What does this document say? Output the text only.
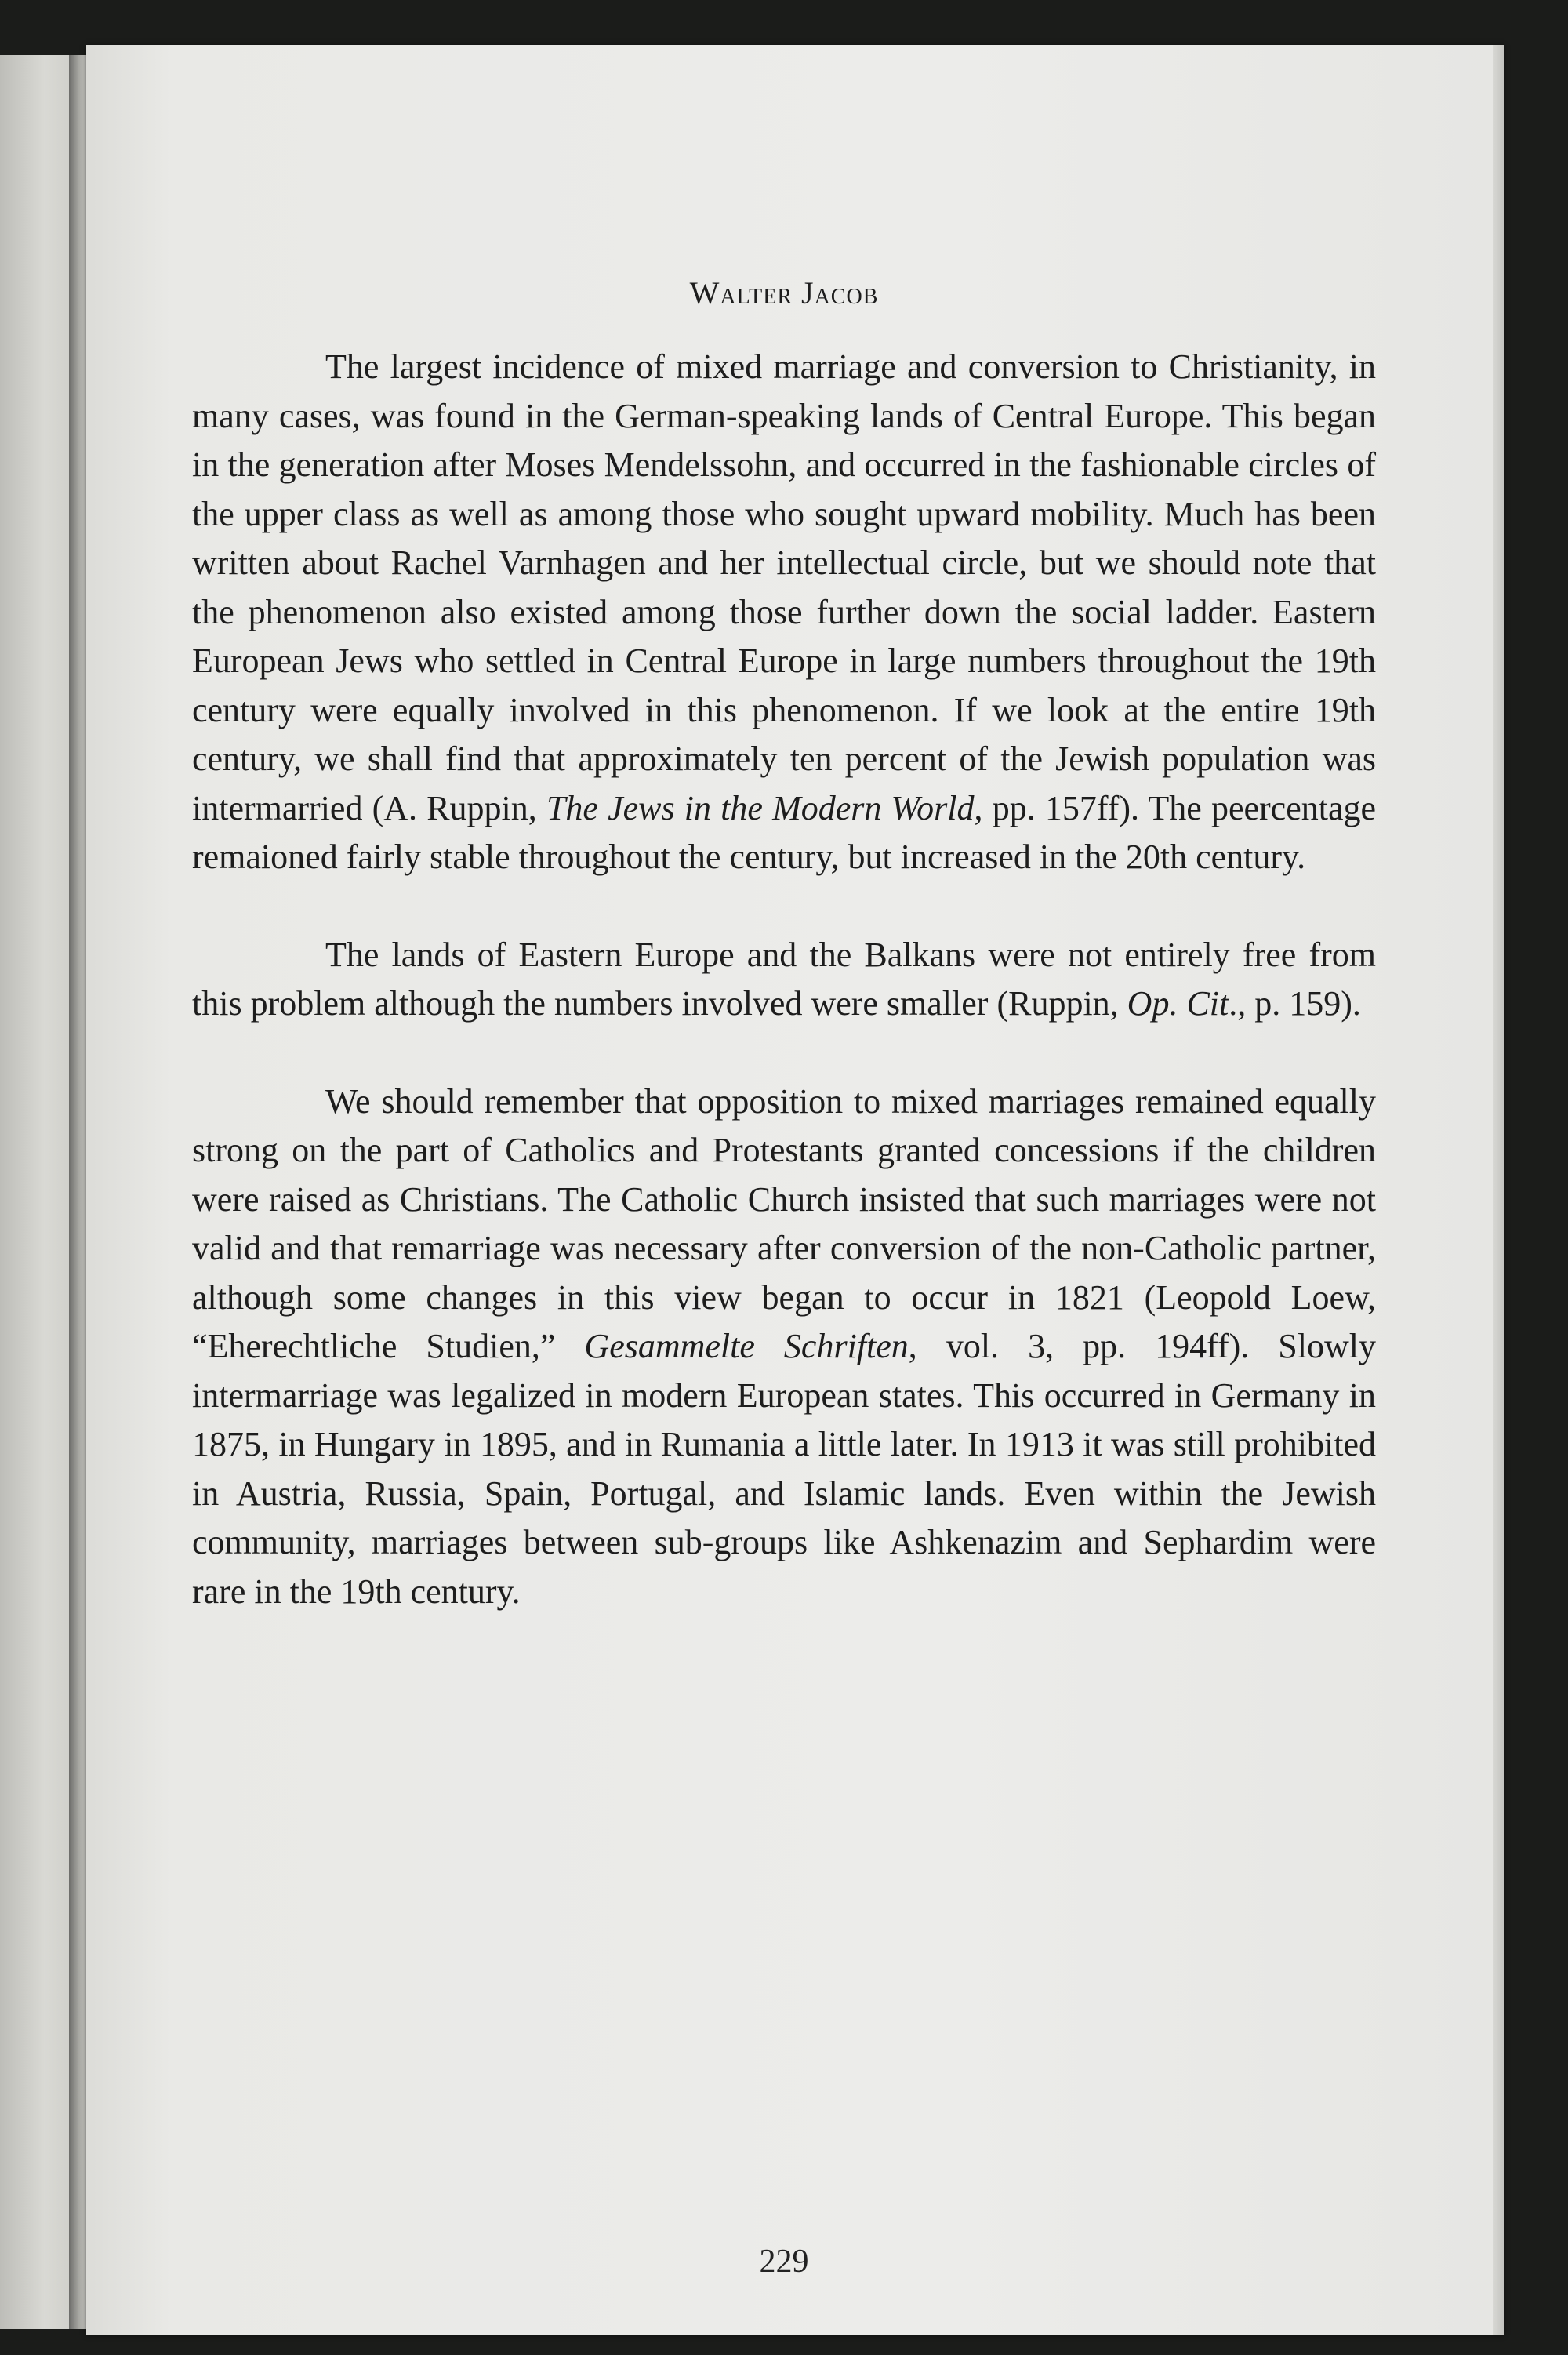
Walter Jacob

The largest incidence of mixed marriage and conversion to Christianity, in many cases, was found in the German-speaking lands of Central Europe. This began in the generation after Moses Mendelssohn, and occurred in the fashionable circles of the upper class as well as among those who sought upward mobility. Much has been written about Rachel Varnhagen and her intellectual circle, but we should note that the phenomenon also existed among those further down the social ladder. Eastern European Jews who settled in Central Europe in large numbers throughout the 19th century were equally involved in this phenomenon. If we look at the entire 19th century, we shall find that approximately ten percent of the Jewish population was intermarried (A. Ruppin, The Jews in the Modern World, pp. 157ff). The peercentage remaioned fairly stable throughout the century, but increased in the 20th century.

The lands of Eastern Europe and the Balkans were not entirely free from this problem although the numbers involved were smaller (Ruppin, Op. Cit., p. 159).

We should remember that opposition to mixed marriages remained equally strong on the part of Catholics and Protestants granted concessions if the children were raised as Christians. The Catholic Church insisted that such marriages were not valid and that remarriage was necessary after conversion of the non-Catholic partner, although some changes in this view began to occur in 1821 (Leopold Loew, “Eherechtliche Studien,” Gesammelte Schriften, vol. 3, pp. 194ff). Slowly intermarriage was legalized in modern European states. This occurred in Germany in 1875, in Hungary in 1895, and in Rumania a little later. In 1913 it was still prohibited in Austria, Russia, Spain, Portugal, and Islamic lands. Even within the Jewish community, marriages between sub-groups like Ashkenazim and Sephardim were rare in the 19th century.

229
